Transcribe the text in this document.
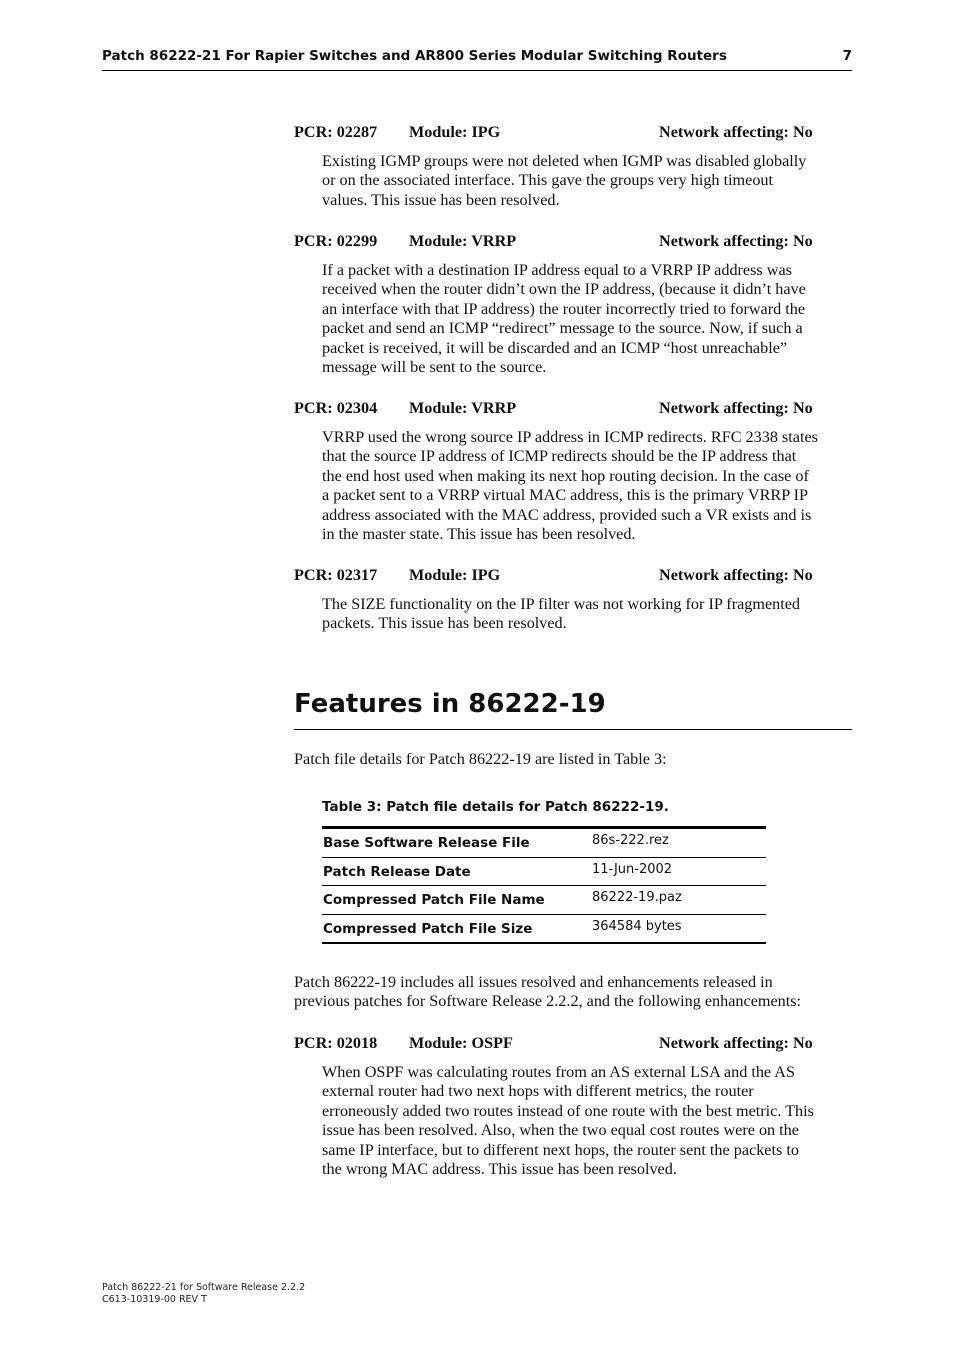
Patch 86222-21 For Rapier Switches and AR800 Series Modular Switching Routers	7
PCR: 02287 Module: IPG	Network affecting: No
Existing IGMP groups were not deleted when IGMP was disabled globally
or on the associated interface. This gave the groups very high timeout
values. This issue has been resolved.
PCR: 02299 Module: VRRP	Network affecting: No
If a packet with a destination IP address equal to a VRRP IP address was
received when the router didn’t own the IP address, (because it didn’t have
an interface with that IP address) the router incorrectly tried to forward the
packet and send an ICMP “redirect” message to the source. Now, if such a
packet is received, it will be discarded and an ICMP “host unreachable”
message will be sent to the source.
PCR: 02304 Module: VRRP	Network affecting: No
VRRP used the wrong source IP address in ICMP redirects. RFC 2338 states
that the source IP address of ICMP redirects should be the IP address that
the end host used when making its next hop routing decision. In the case of
a packet sent to a VRRP virtual MAC address, this is the primary VRRP IP
address associated with the MAC address, provided such a VR exists and is
in the master state. This issue has been resolved.
PCR: 02317 Module: IPG	Network affecting: No
The SIZE functionality on the IP filter was not working for IP fragmented
packets. This issue has been resolved.
Features in 86222-19
Patch file details for Patch 86222-19 are listed in Table 3:
Table 3: Patch file details for Patch 86222-19.
Base Software Release File	86s-222.rez
Patch Release Date	11-Jun-2002
Compressed Patch File Name	86222-19.paz
Compressed Patch File Size	364584 bytes
Patch 86222-19 includes all issues resolved and enhancements released in
previous patches for Software Release 2.2.2, and the following enhancements:
PCR: 02018 Module: OSPF	Network affecting: No
When OSPF was calculating routes from an AS external LSA and the AS
external router had two next hops with different metrics, the router
erroneously added two routes instead of one route with the best metric. This
issue has been resolved. Also, when the two equal cost routes were on the
same IP interface, but to different next hops, the router sent the packets to
the wrong MAC address. This issue has been resolved.
Patch 86222-21 for Software Release 2.2.2
C613-10319-00 REV T
